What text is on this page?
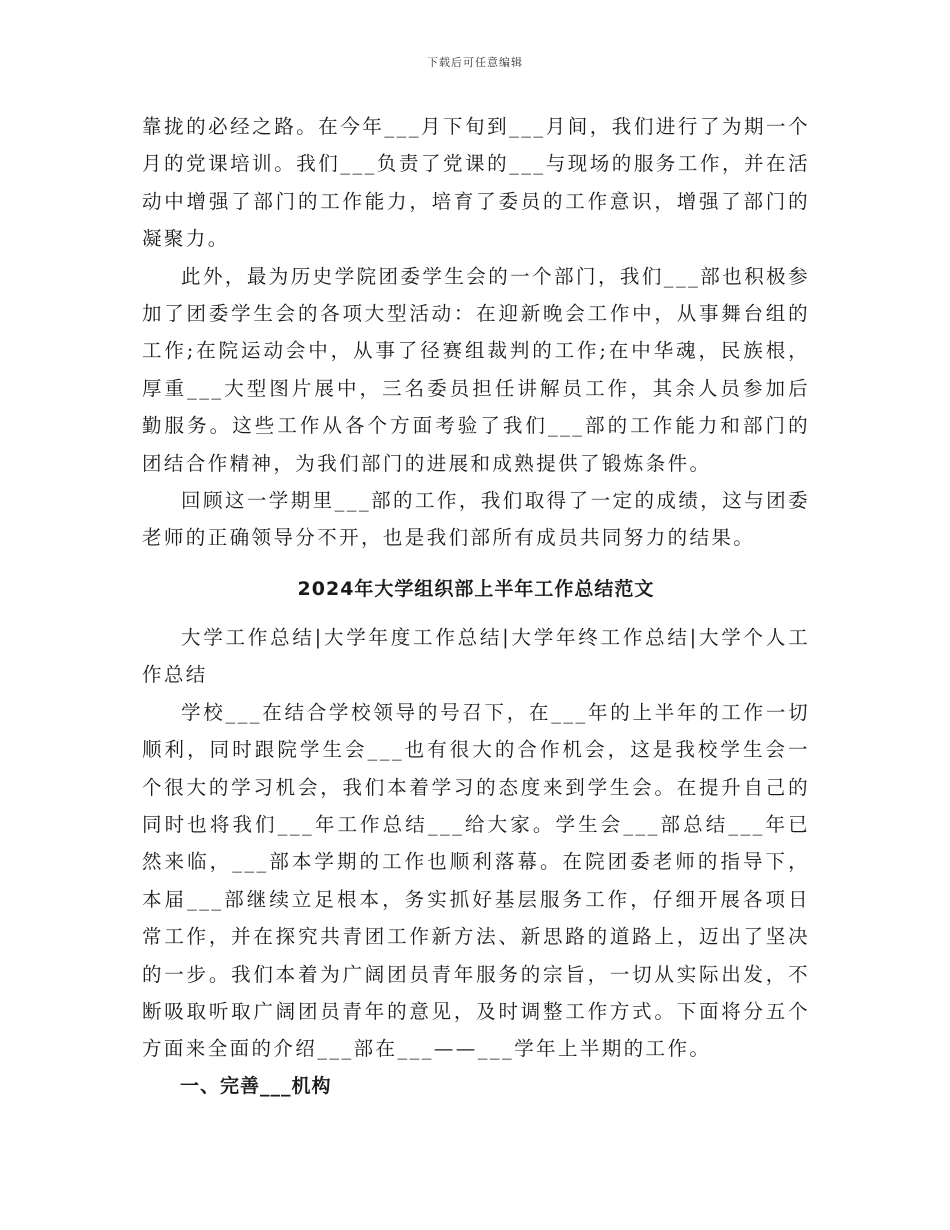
下载后可任意编辑

靠拢的必经之路。在今年___月下旬到___月间，我们进行了为期一个月的党课培训。我们___负责了党课的___与现场的服务工作，并在活动中增强了部门的工作能力，培育了委员的工作意识，增强了部门的凝聚力。

此外，最为历史学院团委学生会的一个部门，我们___部也积极参加了团委学生会的各项大型活动：在迎新晚会工作中，从事舞台组的工作;在院运动会中，从事了径赛组裁判的工作;在中华魂，民族根，厚重___大型图片展中，三名委员担任讲解员工作，其余人员参加后勤服务。这些工作从各个方面考验了我们___部的工作能力和部门的团结合作精神，为我们部门的进展和成熟提供了锻炼条件。

回顾这一学期里___部的工作，我们取得了一定的成绩，这与团委老师的正确领导分不开，也是我们部所有成员共同努力的结果。

2024年大学组织部上半年工作总结范文

大学工作总结|大学年度工作总结|大学年终工作总结|大学个人工作总结

学校___在结合学校领导的号召下，在___年的上半年的工作一切顺利，同时跟院学生会___也有很大的合作机会，这是我校学生会一个很大的学习机会，我们本着学习的态度来到学生会。在提升自己的同时也将我们___年工作总结___给大家。学生会___部总结___年已然来临，___部本学期的工作也顺利落幕。在院团委老师的指导下，本届___部继续立足根本，务实抓好基层服务工作，仔细开展各项日常工作，并在探究共青团工作新方法、新思路的道路上，迈出了坚决的一步。我们本着为广阔团员青年服务的宗旨，一切从实际出发，不断吸取听取广阔团员青年的意见，及时调整工作方式。下面将分五个方面来全面的介绍___部在___——___学年上半期的工作。

一、完善___机构
